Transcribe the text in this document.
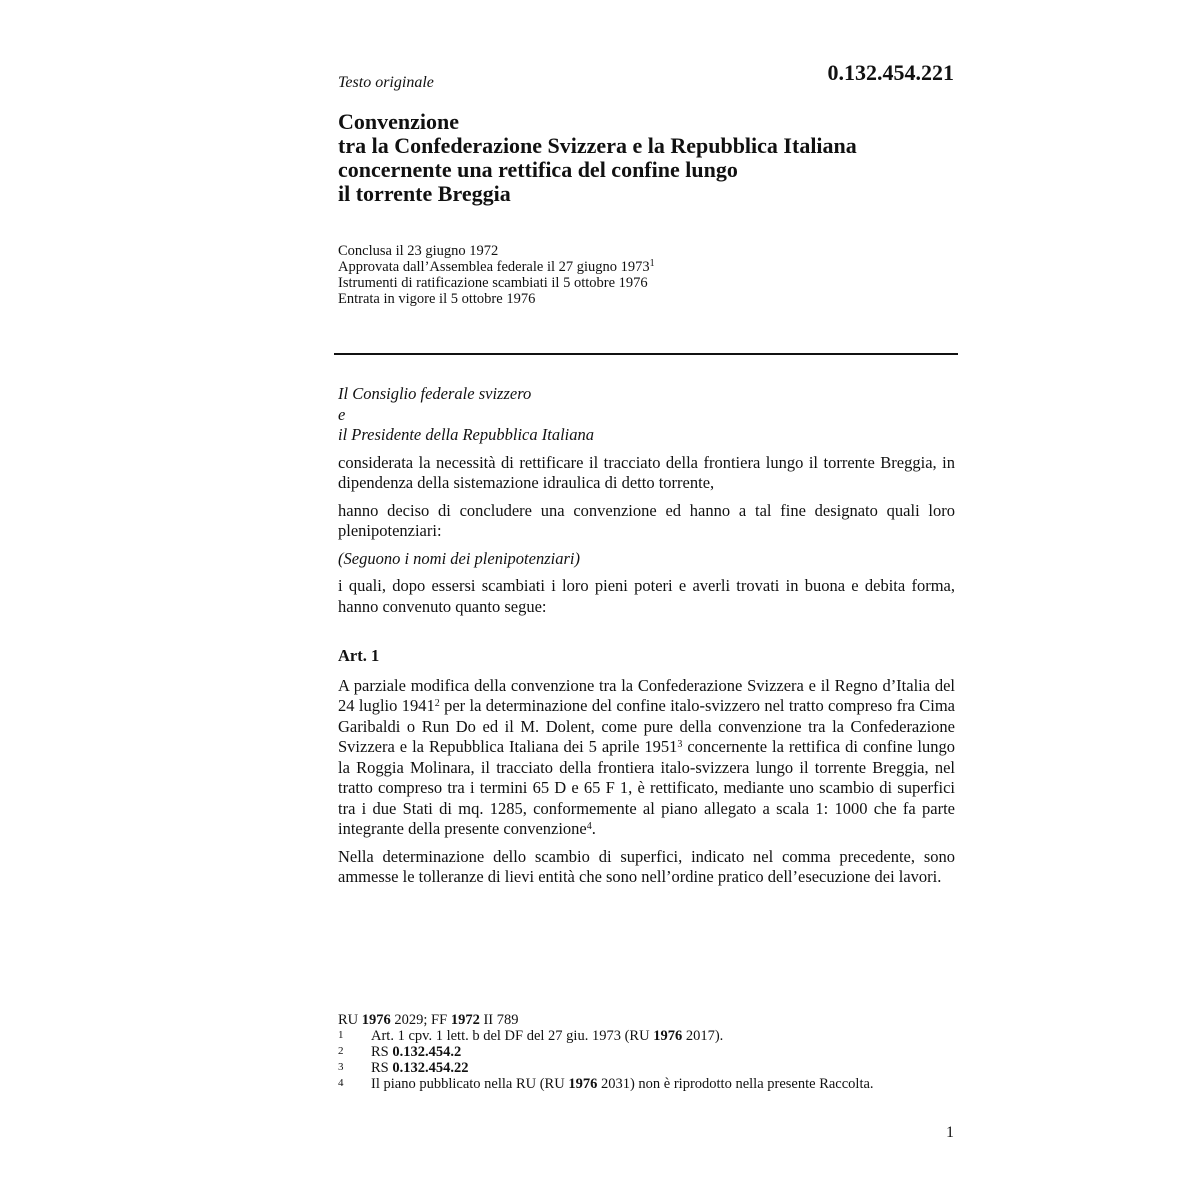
Testo originale	0.132.454.221
Convenzione
tra la Confederazione Svizzera e la Repubblica Italiana
concernente una rettifica del confine lungo
il torrente Breggia
Conclusa il 23 giugno 1972
Approvata dall’Assemblea federale il 27 giugno 1973$^1$
Istrumenti di ratificazione scambiati il 5 ottobre 1976
Entrata in vigore il 5 ottobre 1976
Il Consiglio federale svizzero
e
il Presidente della Repubblica Italiana
considerata la necessità di rettificare il tracciato della frontiera lungo il torrente Breggia, in dipendenza della sistemazione idraulica di detto torrente,
hanno deciso di concludere una convenzione ed hanno a tal fine designato quali loro plenipotenziari:
(Seguono i nomi dei plenipotenziari)
i quali, dopo essersi scambiati i loro pieni poteri e averli trovati in buona e debita forma, hanno convenuto quanto segue:
Art. 1
A parziale modifica della convenzione tra la Confederazione Svizzera e il Regno d’Italia del 24 luglio 1941$^2$ per la determinazione del confine italo-svizzero nel tratto compreso fra Cima Garibaldi o Run Do ed il M. Dolent, come pure della convenzione tra la Confederazione Svizzera e la Repubblica Italiana dei 5 aprile 1951$^3$ concernente la rettifica di confine lungo la Roggia Molinara, il tracciato della frontiera italo-svizzera lungo il torrente Breggia, nel tratto compreso tra i termini 65 D e 65 F 1, è rettificato, mediante uno scambio di superfici tra i due Stati di mq. 1285, conformemente al piano allegato a scala 1: 1000 che fa parte integrante della presente convenzione$^4$.
Nella determinazione dello scambio di superfici, indicato nel comma precedente, sono ammesse le tolleranze di lievi entità che sono nell’ordine pratico dell’esecuzione dei lavori.
RU 1976 2029; FF 1972 II 789
1	Art. 1 cpv. 1 lett. b del DF del 27 giu. 1973 (RU 1976 2017).
2	RS 0.132.454.2
3	RS 0.132.454.22
4	Il piano pubblicato nella RU (RU 1976 2031) non è riprodotto nella presente Raccolta.
1
